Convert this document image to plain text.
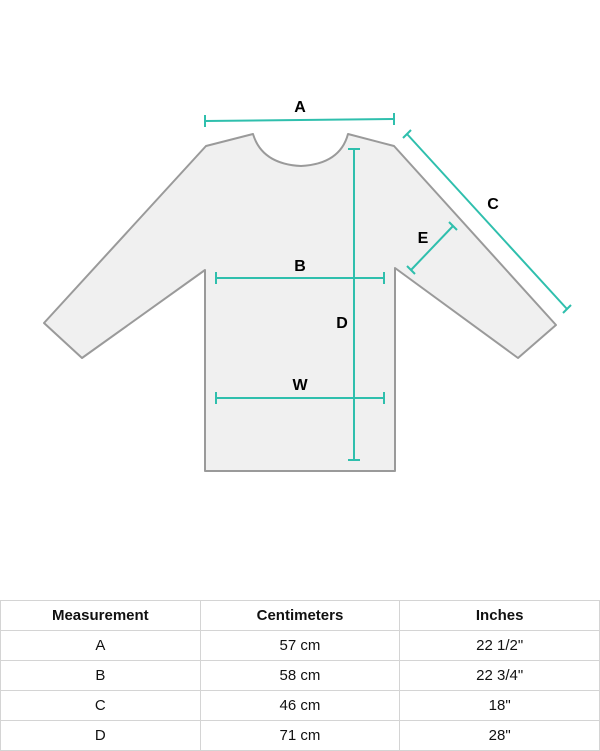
A
B
W
D
C
E
Measurement	Centimeters	Inches
A	57 cm	22 1/2"
B	58 cm	22 3/4"
C	46 cm	18"
D	71 cm	28"
